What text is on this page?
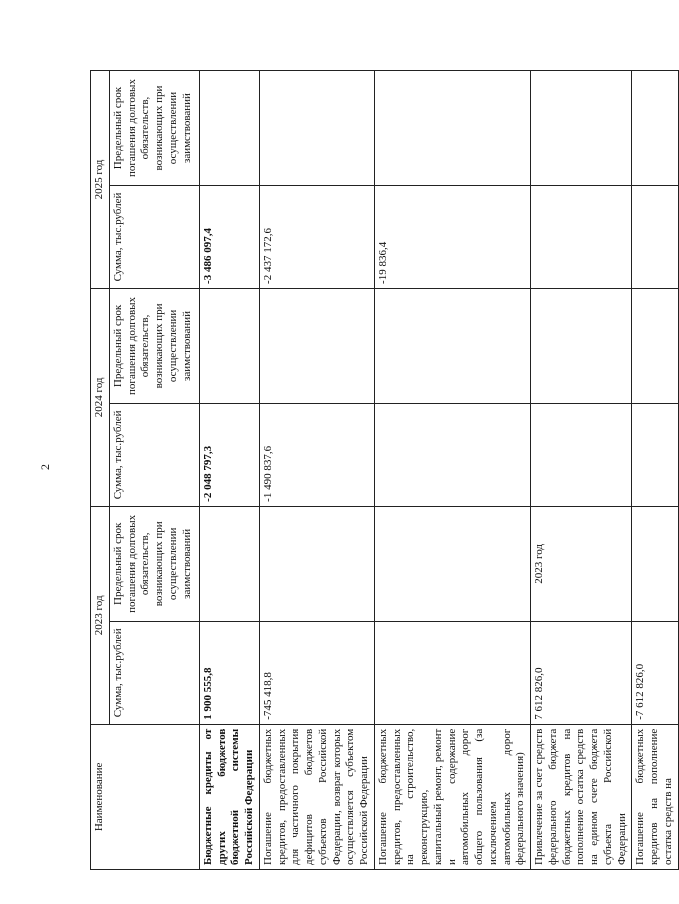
2
Наименование	2023 год		2024 год		2025 год	
	Сумма, тыс.рублей	Предельный срок погашения долговых обязательств, возникающих при осуществлении заимствований	Сумма, тыс.рублей	Предельный срок погашения долговых обязательств, возникающих при осуществлении заимствований	Сумма, тыс.рублей	Предельный срок погашения долговых обязательств, возникающих при осуществлении заимствований
Бюджетные кредиты от других бюджетов бюджетной системы Российской Федерации	1 900 555,8		-2 048 797,3		-3 486 097,4	
Погашение бюджетных кредитов, предоставленных для частичного покрытия дефицитов бюджетов субъектов Российской Федерации, возврат которых осуществляется субъектом Российской Федерации	-745 418,8		-1 490 837,6		-2 437 172,6	
Погашение бюджетных кредитов, предоставленных на строительство, реконструкцию, капитальный ремонт, ремонт и содержание автомобильных дорог общего пользования (за исключением автомобильных дорог федерального значения)					-19 836,4	
Привлечение за счет средств федерального бюджета бюджетных кредитов на пополнение остатка средств на едином счете бюджета субъекта Российской Федерации	7 612 826,0	2023 год				
Погашение бюджетных кредитов на пополнение остатка средств на	-7 612 826,0					
